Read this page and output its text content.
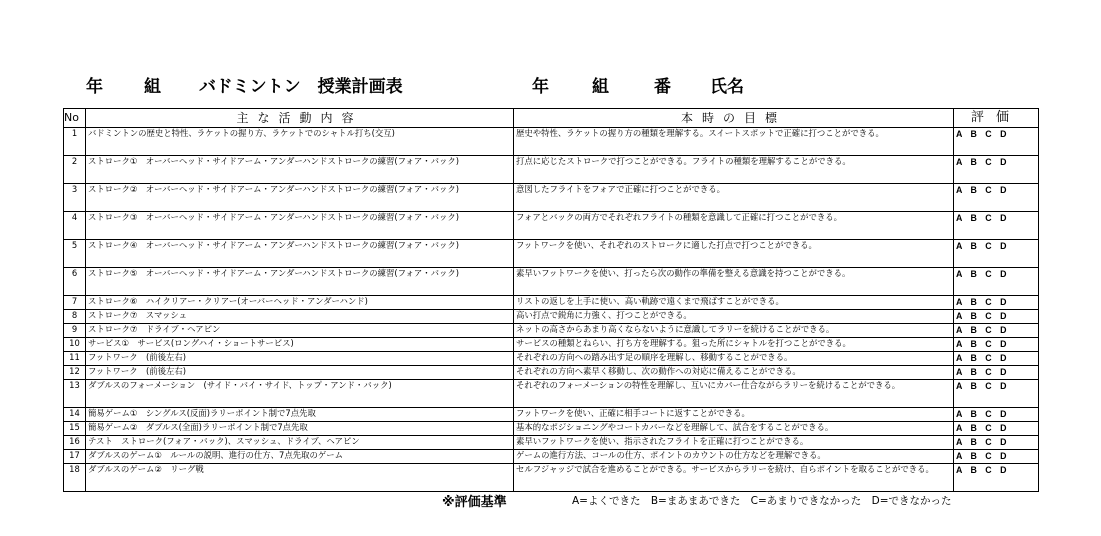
年 組 バドミントン　授業計画表	年	組	番 氏名
No	主な活動内容	本時の目標	評価
1	バドミントンの歴史と特性、ラケットの握り方、ラケットでのシャトル打ち(交互)	歴史や特性、ラケットの握り方の種類を理解する。スイートスポットで正確に打つことができる。	A B C D
2	ストローク①　オーバーヘッド・サイドアーム・アンダーハンドストロークの練習(フォア・バック)	打点に応じたストロークで打つことができる。フライトの種類を理解することができる。	A B C D
3	ストローク②　オーバーヘッド・サイドアーム・アンダーハンドストロークの練習(フォア・バック)	意図したフライトをフォアで正確に打つことができる。	A B C D
4	ストローク③　オーバーヘッド・サイドアーム・アンダーハンドストロークの練習(フォア・バック)	フォアとバックの両方でそれぞれフライトの種類を意識して正確に打つことができる。	A B C D
5	ストローク④　オーバーヘッド・サイドアーム・アンダーハンドストロークの練習(フォア・バック)	フットワークを使い、それぞれのストロークに適した打点で打つことができる。	A B C D
6	ストローク⑤　オーバーヘッド・サイドアーム・アンダーハンドストロークの練習(フォア・バック)	素早いフットワークを使い、打ったら次の動作の準備を整える意識を持つことができる。	A B C D
7	ストローク⑥　ハイクリアー・クリアー(オーバーヘッド・アンダーハンド)	リストの返しを上手に使い、高い軌跡で遠くまで飛ばすことができる。	A B C D
8	ストローク⑦　スマッシュ	高い打点で鋭角に力強く、打つことができる。	A B C D
9	ストローク⑦　ドライブ・ヘアピン	ネットの高さからあまり高くならないように意識してラリーを続けることができる。	A B C D
10	サービス①　サービス(ロングハイ・ショートサービス)	サービスの種類とねらい、打ち方を理解する。狙った所にシャトルを打つことができる。	A B C D
11	フットワーク　(前後左右)	それぞれの方向への踏み出す足の順序を理解し、移動することができる。	A B C D
12	フットワーク　(前後左右)	それぞれの方向へ素早く移動し、次の動作への対応に備えることができる。	A B C D
13	ダブルスのフォーメーション　(サイド・バイ・サイド、トップ・アンド・バック)	それぞれのフォーメーションの特性を理解し、互いにカバー仕合ながらラリーを続けることができる。	A B C D
14	簡易ゲーム①　シングルス(反面)ラリーポイント制で7点先取	フットワークを使い、正確に相手コートに返すことができる。	A B C D
15	簡易ゲーム②　ダブルス(全面)ラリーポイント制で7点先取	基本的なポジショニングやコートカバーなどを理解して、試合をすることができる。	A B C D
16	テスト　ストローク(フォア・バック)、スマッシュ、ドライブ、ヘアピン	素早いフットワークを使い、指示されたフライトを正確に打つことができる。	A B C D
17	ダブルスのゲーム①　ルールの説明、進行の仕方、7点先取のゲーム	ゲームの進行方法、コールの仕方、ポイントのカウントの仕方などを理解できる。	A B C D
18	ダブルスのゲーム②　リーグ戦	セルフジャッジで試合を進めることができる。サービスからラリーを続け、自らポイントを取ることができる。	A B C D
※評価基準	A=よくできた B=まあまあできた C=あまりできなかった D=できなかった
